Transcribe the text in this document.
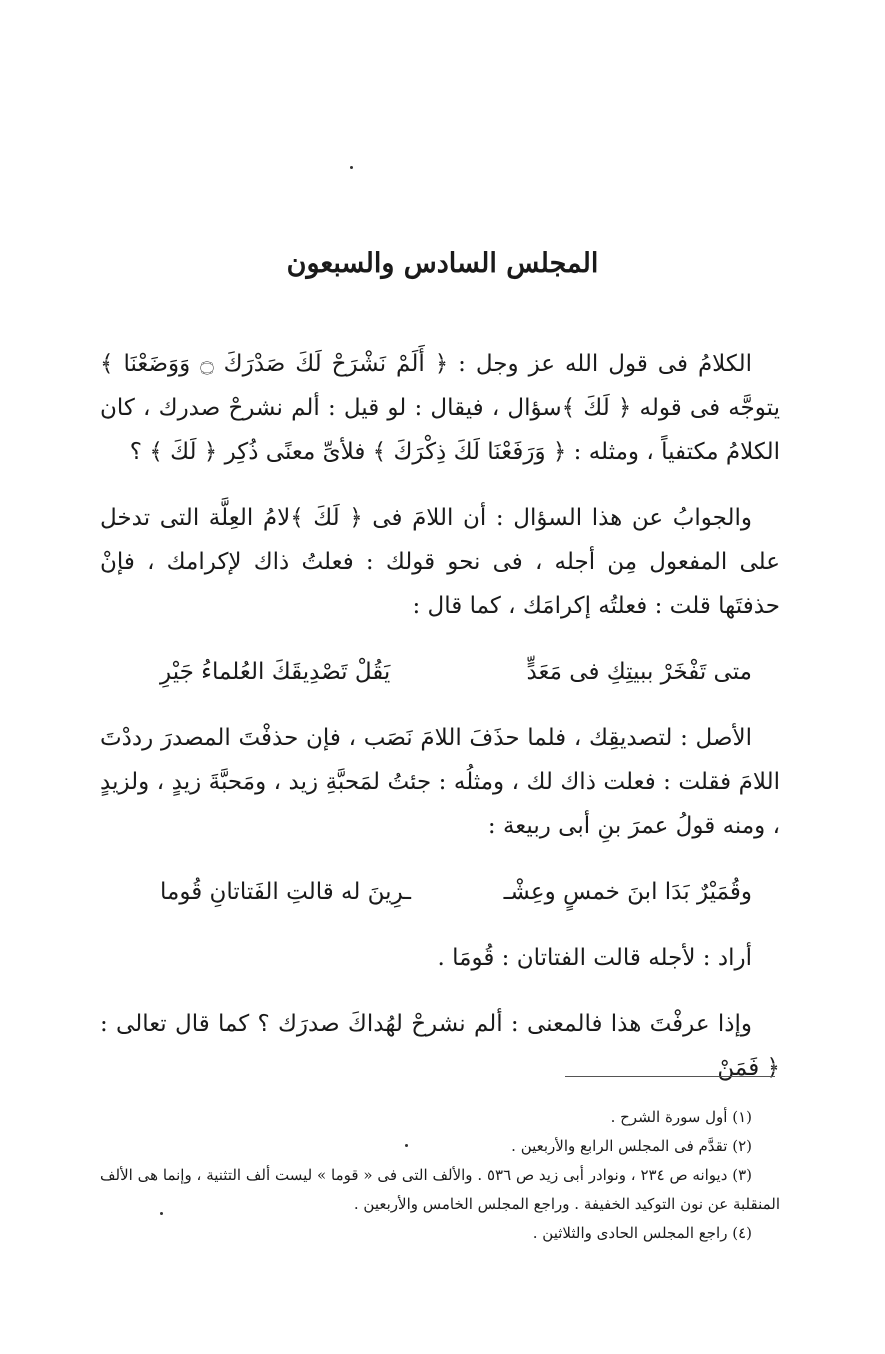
المجلس السادس والسبعون

الكلامُ فى قول الله عز وجل : ﴿ أَلَمْ نَشْرَحْ لَكَ صَدْرَكَ ۝ وَوَضَعْنَا ﴾ يتوجَّه فى قوله ﴿ لَكَ ﴾سؤال ، فيقال : لو قيل : ألم نشرحْ صدرك ، كان الكلامُ مكتفياً ، ومثله : ﴿ وَرَفَعْنَا لَكَ ذِكْرَكَ ﴾ فلأىِّ معنًى ذُكِر ﴿ لَكَ ﴾ ؟

والجوابُ عن هذا السؤال : أن اللامَ فى ﴿ لَكَ ﴾لامُ العِلَّة التى تدخل على المفعول مِن أجله ، فى نحو قولك : فعلتُ ذاك لإكرامك ، فإنْ حذفتَها قلت : فعلتُه إكرامَك ، كما قال :

متى تَفْخَرْ ببيتِكِ فى مَعَدٍّ
يَقُلْ تَصْدِيقَكَ العُلماءُ جَيْرِ

الأصل : لتصديقِك ، فلما حذَفَ اللامَ نَصَب ، فإن حذفْتَ المصدرَ رددْتَ اللامَ فقلت : فعلت ذاك لك ، ومثلُه : جئتُ لمَحبَّةِ زيد ، ومَحبَّةَ زيدٍ ، ولزيدٍ ، ومنه قولُ عمرَ بنِ أبى ربيعة :

وقُمَيْرٌ بَدَا ابنَ خمسٍ وعِشْـ
ـرِينَ له قالتِ الفَتاتانِ قُوما

أراد : لأجله قالت الفتاتان : قُومَا .

وإذا عرفْتَ هذا فالمعنى : ألم نشرحْ لهُداكَ صدرَك ؟ كما قال تعالى : ﴿ فَمَنْ

(١) أول سورة الشرح .

(٢) تقدَّم فى المجلس الرابع والأربعين .

(٣) ديوانه ص ٢٣٤ ، ونوادر أبى زيد ص ٥٣٦ . والألف التى فى « قوما » ليست ألف التثنية ، وإنما هى الألف المنقلبة عن نون التوكيد الخفيفة . وراجع المجلس الخامس والأربعين .

(٤) راجع المجلس الحادى والثلاثين .
